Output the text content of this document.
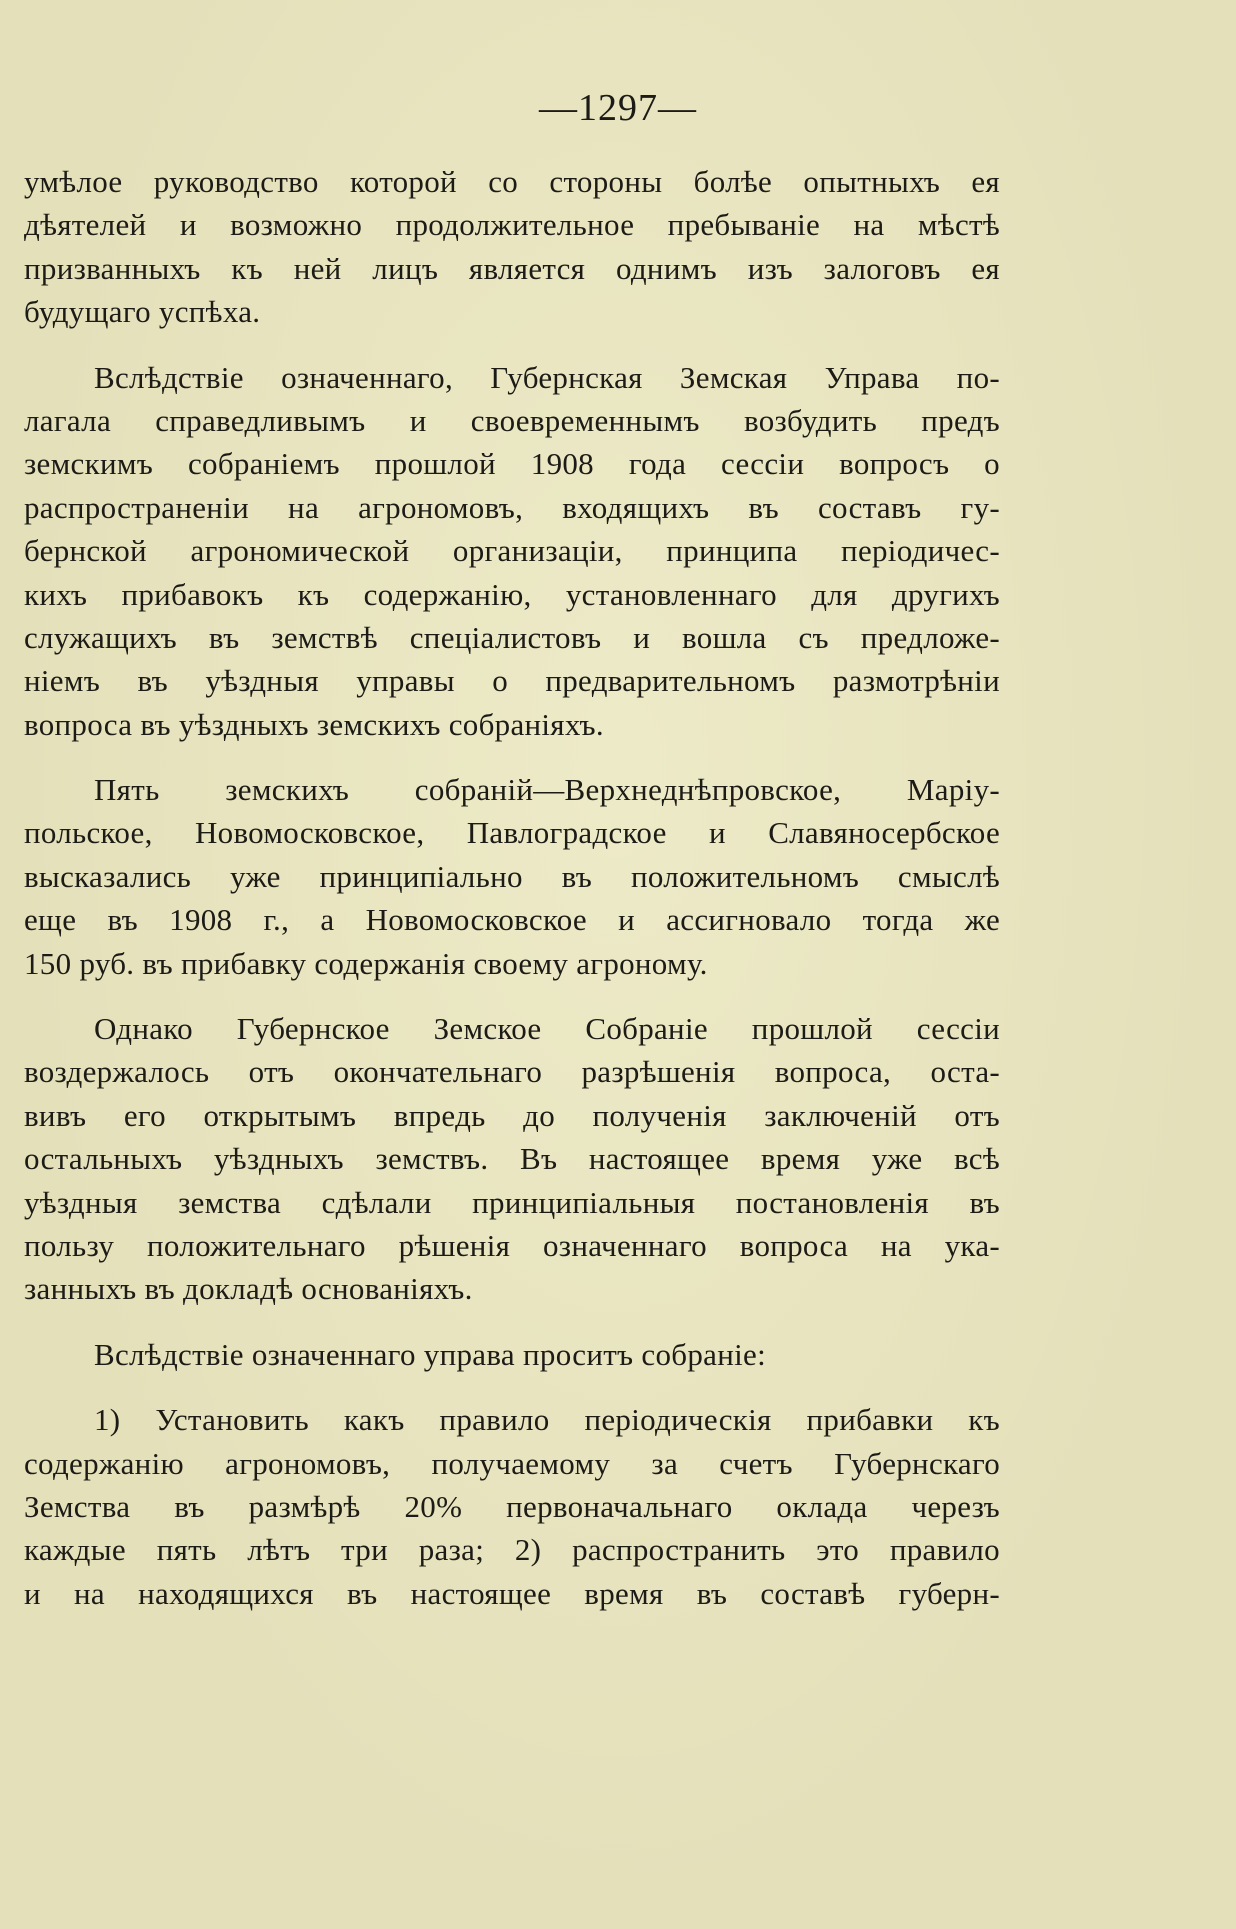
—1297—
умѣлое руководство которой со стороны болѣе опытныхъ ея
дѣятелей и возможно продолжительное пребываніе на мѣстѣ
призванныхъ къ ней лицъ является однимъ изъ залоговъ ея
будущаго успѣха.
Вслѣдствіе означеннаго, Губернская Земская Управа по-
лагала справедливымъ и своевременнымъ возбудить предъ
земскимъ собраніемъ прошлой 1908 года сессіи вопросъ о
распространеніи на агрономовъ, входящихъ въ составъ гу-
бернской агрономической организаціи, принципа періодичес-
кихъ прибавокъ къ содержанію, установленнаго для другихъ
служащихъ въ земствѣ спеціалистовъ и вошла съ предложе-
ніемъ въ уѣздныя управы о предварительномъ размотрѣніи
вопроса въ уѣздныхъ земскихъ собраніяхъ.
Пять земскихъ собраній—Верхнеднѣпровское, Маріу-
польское, Новомосковское, Павлоградское и Славяносербское
высказались уже принципіально въ положительномъ смыслѣ
еще въ 1908 г., а Новомосковское и ассигновало тогда же
150 руб. въ прибавку содержанія своему агроному.
Однако Губернское Земское Собраніе прошлой сессіи
воздержалось отъ окончательнаго разрѣшенія вопроса, оста-
вивъ его открытымъ впредь до полученія заключеній отъ
остальныхъ уѣздныхъ земствъ. Въ настоящее время уже всѣ
уѣздныя земства сдѣлали принципіальныя постановленія въ
пользу положительнаго рѣшенія означеннаго вопроса на ука-
занныхъ въ докладѣ основаніяхъ.
Вслѣдствіе означеннаго управа проситъ собраніе:
1) Установить какъ правило періодическія прибавки къ
содержанію агрономовъ, получаемому за счетъ Губернскаго
Земства въ размѣрѣ 20% первоначальнаго оклада черезъ
каждые пять лѣтъ три раза; 2) распространить это правило
и на находящихся въ настоящее время въ составѣ губерн-
